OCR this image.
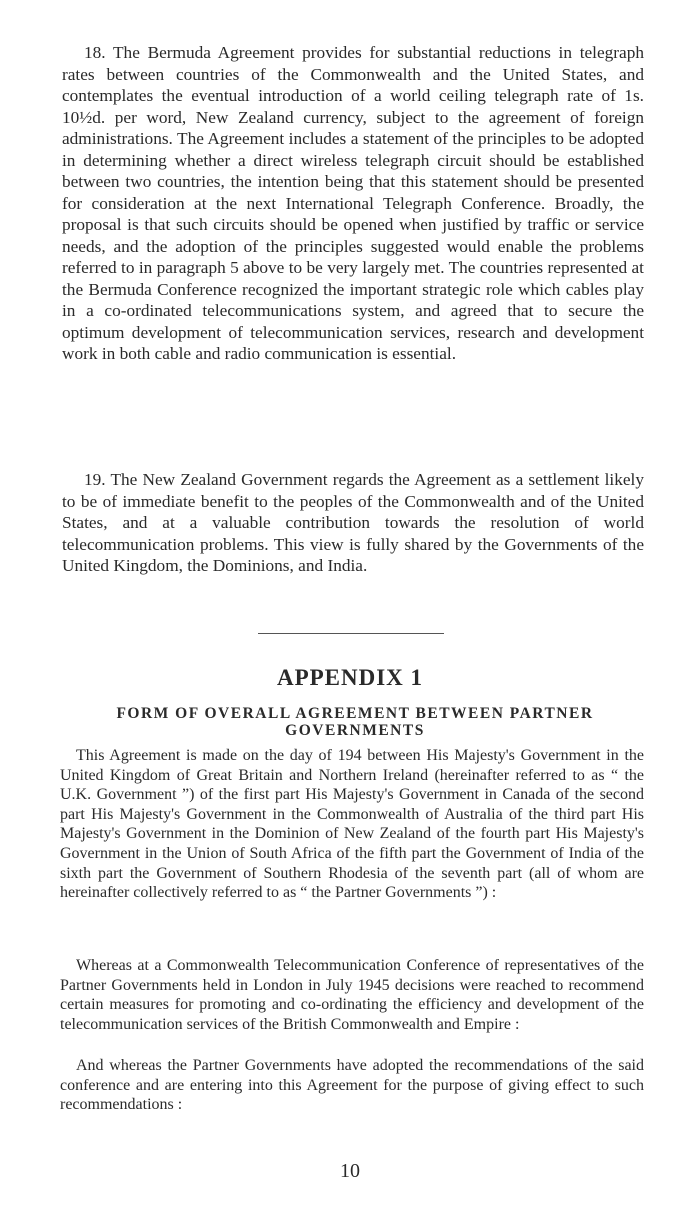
18. The Bermuda Agreement provides for substantial reductions in telegraph rates between countries of the Commonwealth and the United States, and contemplates the eventual introduction of a world ceiling telegraph rate of 1s. 10½d. per word, New Zealand currency, subject to the agreement of foreign administrations. The Agreement includes a statement of the principles to be adopted in determining whether a direct wireless telegraph circuit should be established between two countries, the intention being that this statement should be presented for consideration at the next International Telegraph Conference. Broadly, the proposal is that such circuits should be opened when justified by traffic or service needs, and the adoption of the principles suggested would enable the problems referred to in paragraph 5 above to be very largely met. The countries represented at the Bermuda Conference recognized the important strategic role which cables play in a co-ordinated telecommunications system, and agreed that to secure the optimum development of telecommunication services, research and development work in both cable and radio communication is essential.

19. The New Zealand Government regards the Agreement as a settlement likely to be of immediate benefit to the peoples of the Commonwealth and of the United States, and at a valuable contribution towards the resolution of world telecommunication problems. This view is fully shared by the Governments of the United Kingdom, the Dominions, and India.

APPENDIX 1
FORM OF OVERALL AGREEMENT BETWEEN PARTNER GOVERNMENTS

This Agreement is made on the day of 194 between His Majesty's Government in the United Kingdom of Great Britain and Northern Ireland (hereinafter referred to as “ the U.K. Government ”) of the first part His Majesty's Government in Canada of the second part His Majesty's Government in the Commonwealth of Australia of the third part His Majesty's Government in the Dominion of New Zealand of the fourth part His Majesty's Government in the Union of South Africa of the fifth part the Government of India of the sixth part the Government of Southern Rhodesia of the seventh part (all of whom are hereinafter collectively referred to as “ the Partner Governments ”) :

Whereas at a Commonwealth Telecommunication Conference of representatives of the Partner Governments held in London in July 1945 decisions were reached to recommend certain measures for promoting and co-ordinating the efficiency and development of the telecommunication services of the British Commonwealth and Empire :

And whereas the Partner Governments have adopted the recommendations of the said conference and are entering into this Agreement for the purpose of giving effect to such recommendations :

10
